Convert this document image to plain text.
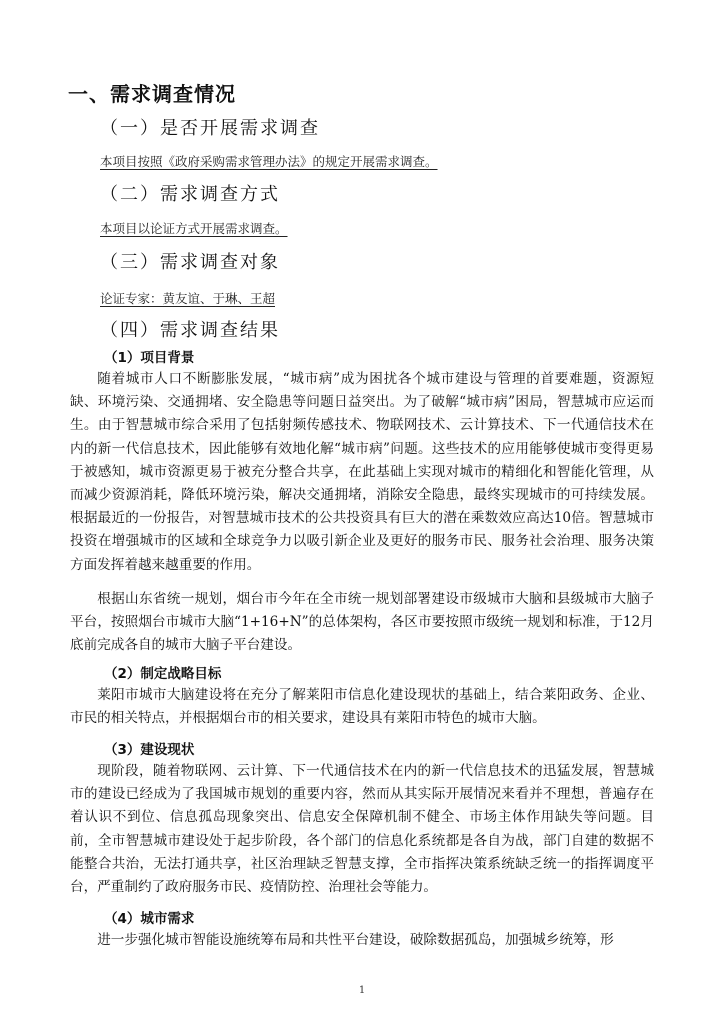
一、需求调查情况
（一）是否开展需求调查
本项目按照《政府采购需求管理办法》的规定开展需求调查。
（二）需求调查方式
本项目以论证方式开展需求调查。
（三）需求调查对象
论证专家：黄友谊、于琳、王超
（四）需求调查结果
（1）项目背景

随着城市人口不断膨胀发展，“城市病”成为困扰各个城市建设与管理的首要难题，资源短缺、环境污染、交通拥堵、安全隐患等问题日益突出。为了破解“城市病”困局，智慧城市应运而生。由于智慧城市综合采用了包括射频传感技术、物联网技术、云计算技术、下一代通信技术在内的新一代信息技术，因此能够有效地化解“城市病”问题。这些技术的应用能够使城市变得更易于被感知，城市资源更易于被充分整合共享，在此基础上实现对城市的精细化和智能化管理，从而减少资源消耗，降低环境污染，解决交通拥堵，消除安全隐患，最终实现城市的可持续发展。根据最近的一份报告，对智慧城市技术的公共投资具有巨大的潜在乘数效应高达10倍。智慧城市投资在增强城市的区域和全球竞争力以吸引新企业及更好的服务市民、服务社会治理、服务决策方面发挥着越来越重要的作用。

根据山东省统一规划，烟台市今年在全市统一规划部署建设市级城市大脑和县级城市大脑子平台，按照烟台市城市大脑“1+16+N”的总体架构，各区市要按照市级统一规划和标准，于12月底前完成各自的城市大脑子平台建设。

（2）制定战略目标

莱阳市城市大脑建设将在充分了解莱阳市信息化建设现状的基础上，结合莱阳政务、企业、市民的相关特点，并根据烟台市的相关要求，建设具有莱阳市特色的城市大脑。

（3）建设现状

现阶段，随着物联网、云计算、下一代通信技术在内的新一代信息技术的迅猛发展，智慧城市的建设已经成为了我国城市规划的重要内容，然而从其实际开展情况来看并不理想，普遍存在着认识不到位、信息孤岛现象突出、信息安全保障机制不健全、市场主体作用缺失等问题。目前，全市智慧城市建设处于起步阶段，各个部门的信息化系统都是各自为战，部门自建的数据不能整合共治，无法打通共享，社区治理缺乏智慧支撑，全市指挥决策系统缺乏统一的指挥调度平台，严重制约了政府服务市民、疫情防控、治理社会等能力。

（4）城市需求

进一步强化城市智能设施统筹布局和共性平台建设，破除数据孤岛，加强城乡统筹，形

1
